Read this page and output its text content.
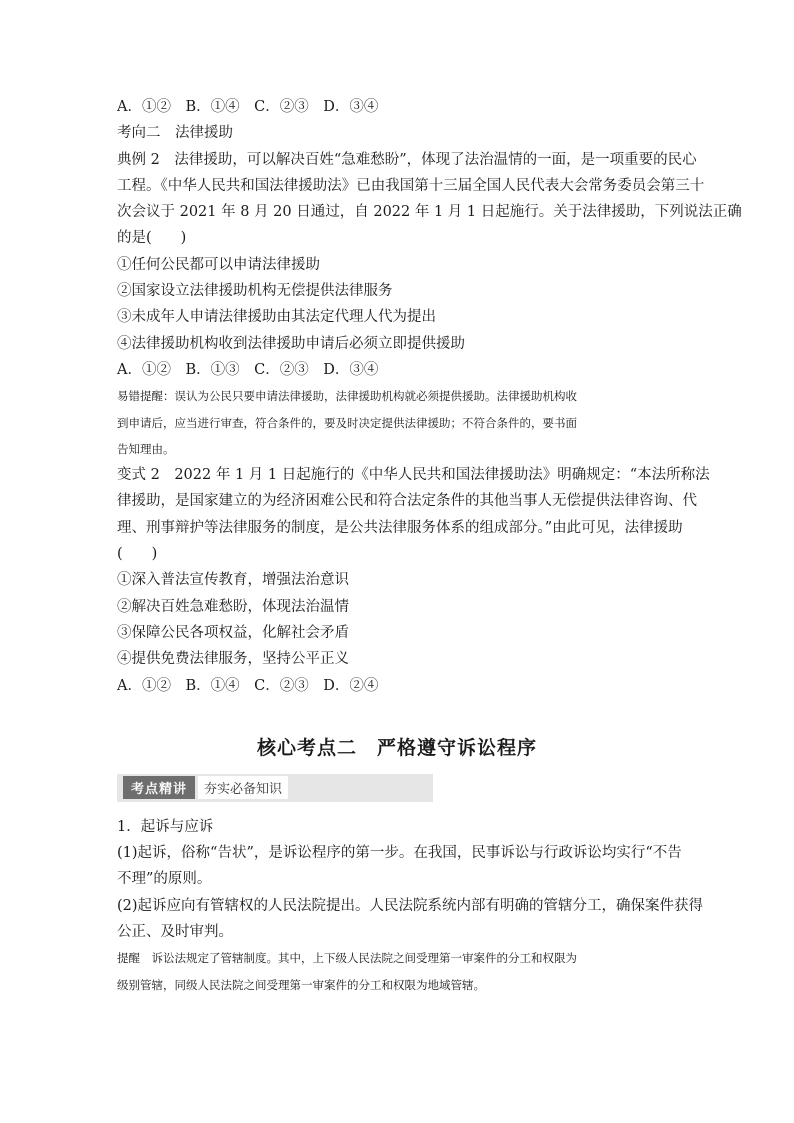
A．①②　B．①④　C．②③　D．③④
考向二　法律援助
典例 2　法律援助，可以解决百姓“急难愁盼”，体现了法治温情的一面，是一项重要的民心
工程。《中华人民共和国法律援助法》已由我国第十三届全国人民代表大会常务委员会第三十
次会议于 2021 年 8 月 20 日通过，自 2022 年 1 月 1 日起施行。关于法律援助，下列说法正确
的是(　　)
①任何公民都可以申请法律援助
②国家设立法律援助机构无偿提供法律服务
③未成年人申请法律援助由其法定代理人代为提出
④法律援助机构收到法律援助申请后必须立即提供援助
A．①②　B．①③　C．②③　D．③④
易错提醒：误认为公民只要申请法律援助，法律援助机构就必须提供援助。法律援助机构收
到申请后，应当进行审查，符合条件的，要及时决定提供法律援助；不符合条件的，要书面
告知理由。
变式 2　2022 年 1 月 1 日起施行的《中华人民共和国法律援助法》明确规定：“本法所称法
律援助，是国家建立的为经济困难公民和符合法定条件的其他当事人无偿提供法律咨询、代
理、刑事辩护等法律服务的制度，是公共法律服务体系的组成部分。”由此可见，法律援助
(　　)
①深入普法宣传教育，增强法治意识
②解决百姓急难愁盼，体现法治温情
③保障公民各项权益，化解社会矛盾
④提供免费法律服务，坚持公平正义
A．①②　B．①④　C．②③　D．②④
核心考点二　严格遵守诉讼程序
考点精讲	夯实必备知识
1．起诉与应诉
(1)起诉，俗称“告状”，是诉讼程序的第一步。在我国，民事诉讼与行政诉讼均实行“不告
不理”的原则。
(2)起诉应向有管辖权的人民法院提出。人民法院系统内部有明确的管辖分工，确保案件获得
公正、及时审判。
提醒　诉讼法规定了管辖制度。其中，上下级人民法院之间受理第一审案件的分工和权限为
级别管辖，同级人民法院之间受理第一审案件的分工和权限为地域管辖。
